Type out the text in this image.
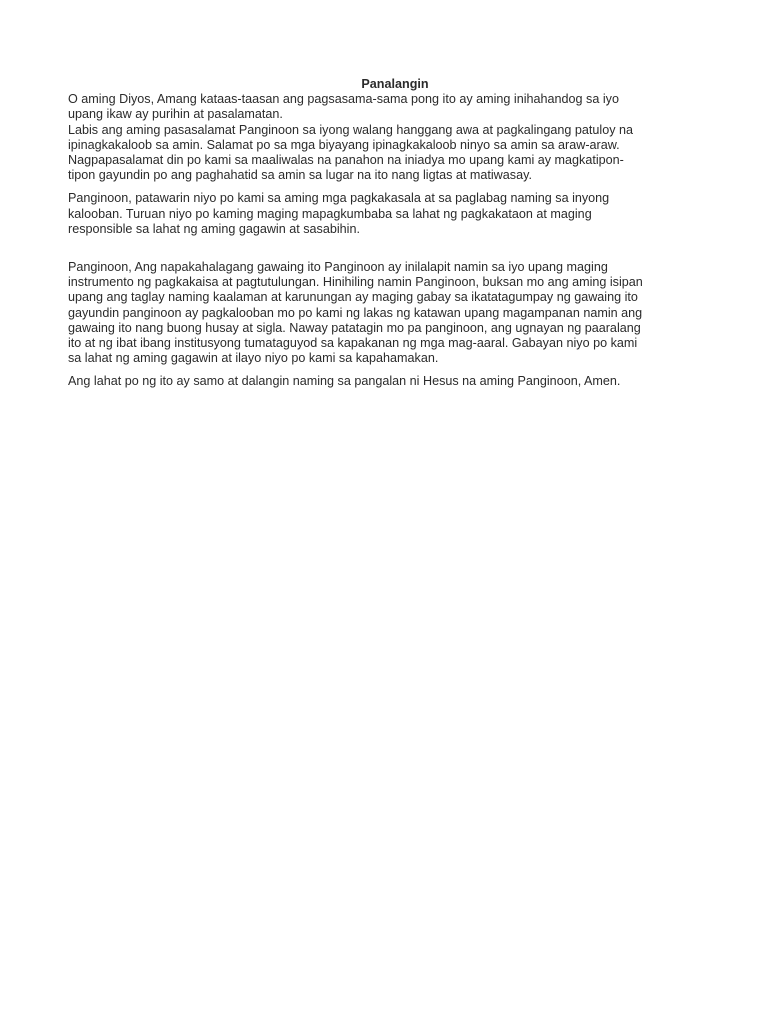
Panalangin

O aming Diyos, Amang kataas-taasan ang pagsasama-sama pong ito ay aming inihahandog sa iyo
upang ikaw ay purihin at pasalamatan.
Labis ang aming pasasalamat Panginoon sa iyong walang hanggang awa at pagkalingang patuloy na
ipinagkakaloob sa amin. Salamat po sa mga biyayang ipinagkakaloob ninyo sa amin sa araw-araw.
Nagpapasalamat din po kami sa maaliwalas na panahon na iniadya mo upang kami ay magkatipon-
tipon gayundin po ang paghahatid sa amin sa lugar na ito nang ligtas at matiwasay.

Panginoon, patawarin niyo po kami sa aming mga pagkakasala at sa paglabag naming sa inyong
kalooban. Turuan niyo po kaming maging mapagkumbaba sa lahat ng pagkakataon at maging
responsible sa lahat ng aming gagawin at sasabihin.

Panginoon, Ang napakahalagang gawaing ito Panginoon ay inilalapit namin sa iyo upang maging
instrumento ng pagkakaisa at pagtutulungan. Hinihiling namin Panginoon, buksan mo ang aming isipan
upang ang taglay naming kaalaman at karunungan ay maging gabay sa ikatatagumpay ng gawaing ito
gayundin panginoon ay pagkalooban mo po kami ng lakas ng katawan upang magampanan namin ang
gawaing ito nang buong husay at sigla. Naway patatagin mo pa panginoon, ang ugnayan ng paaralang
ito at ng ibat ibang institusyong tumataguyod sa kapakanan ng mga mag-aaral. Gabayan niyo po kami
sa lahat ng aming gagawin at ilayo niyo po kami sa kapahamakan.

Ang lahat po ng ito ay samo at dalangin naming sa pangalan ni Hesus na aming Panginoon, Amen.
